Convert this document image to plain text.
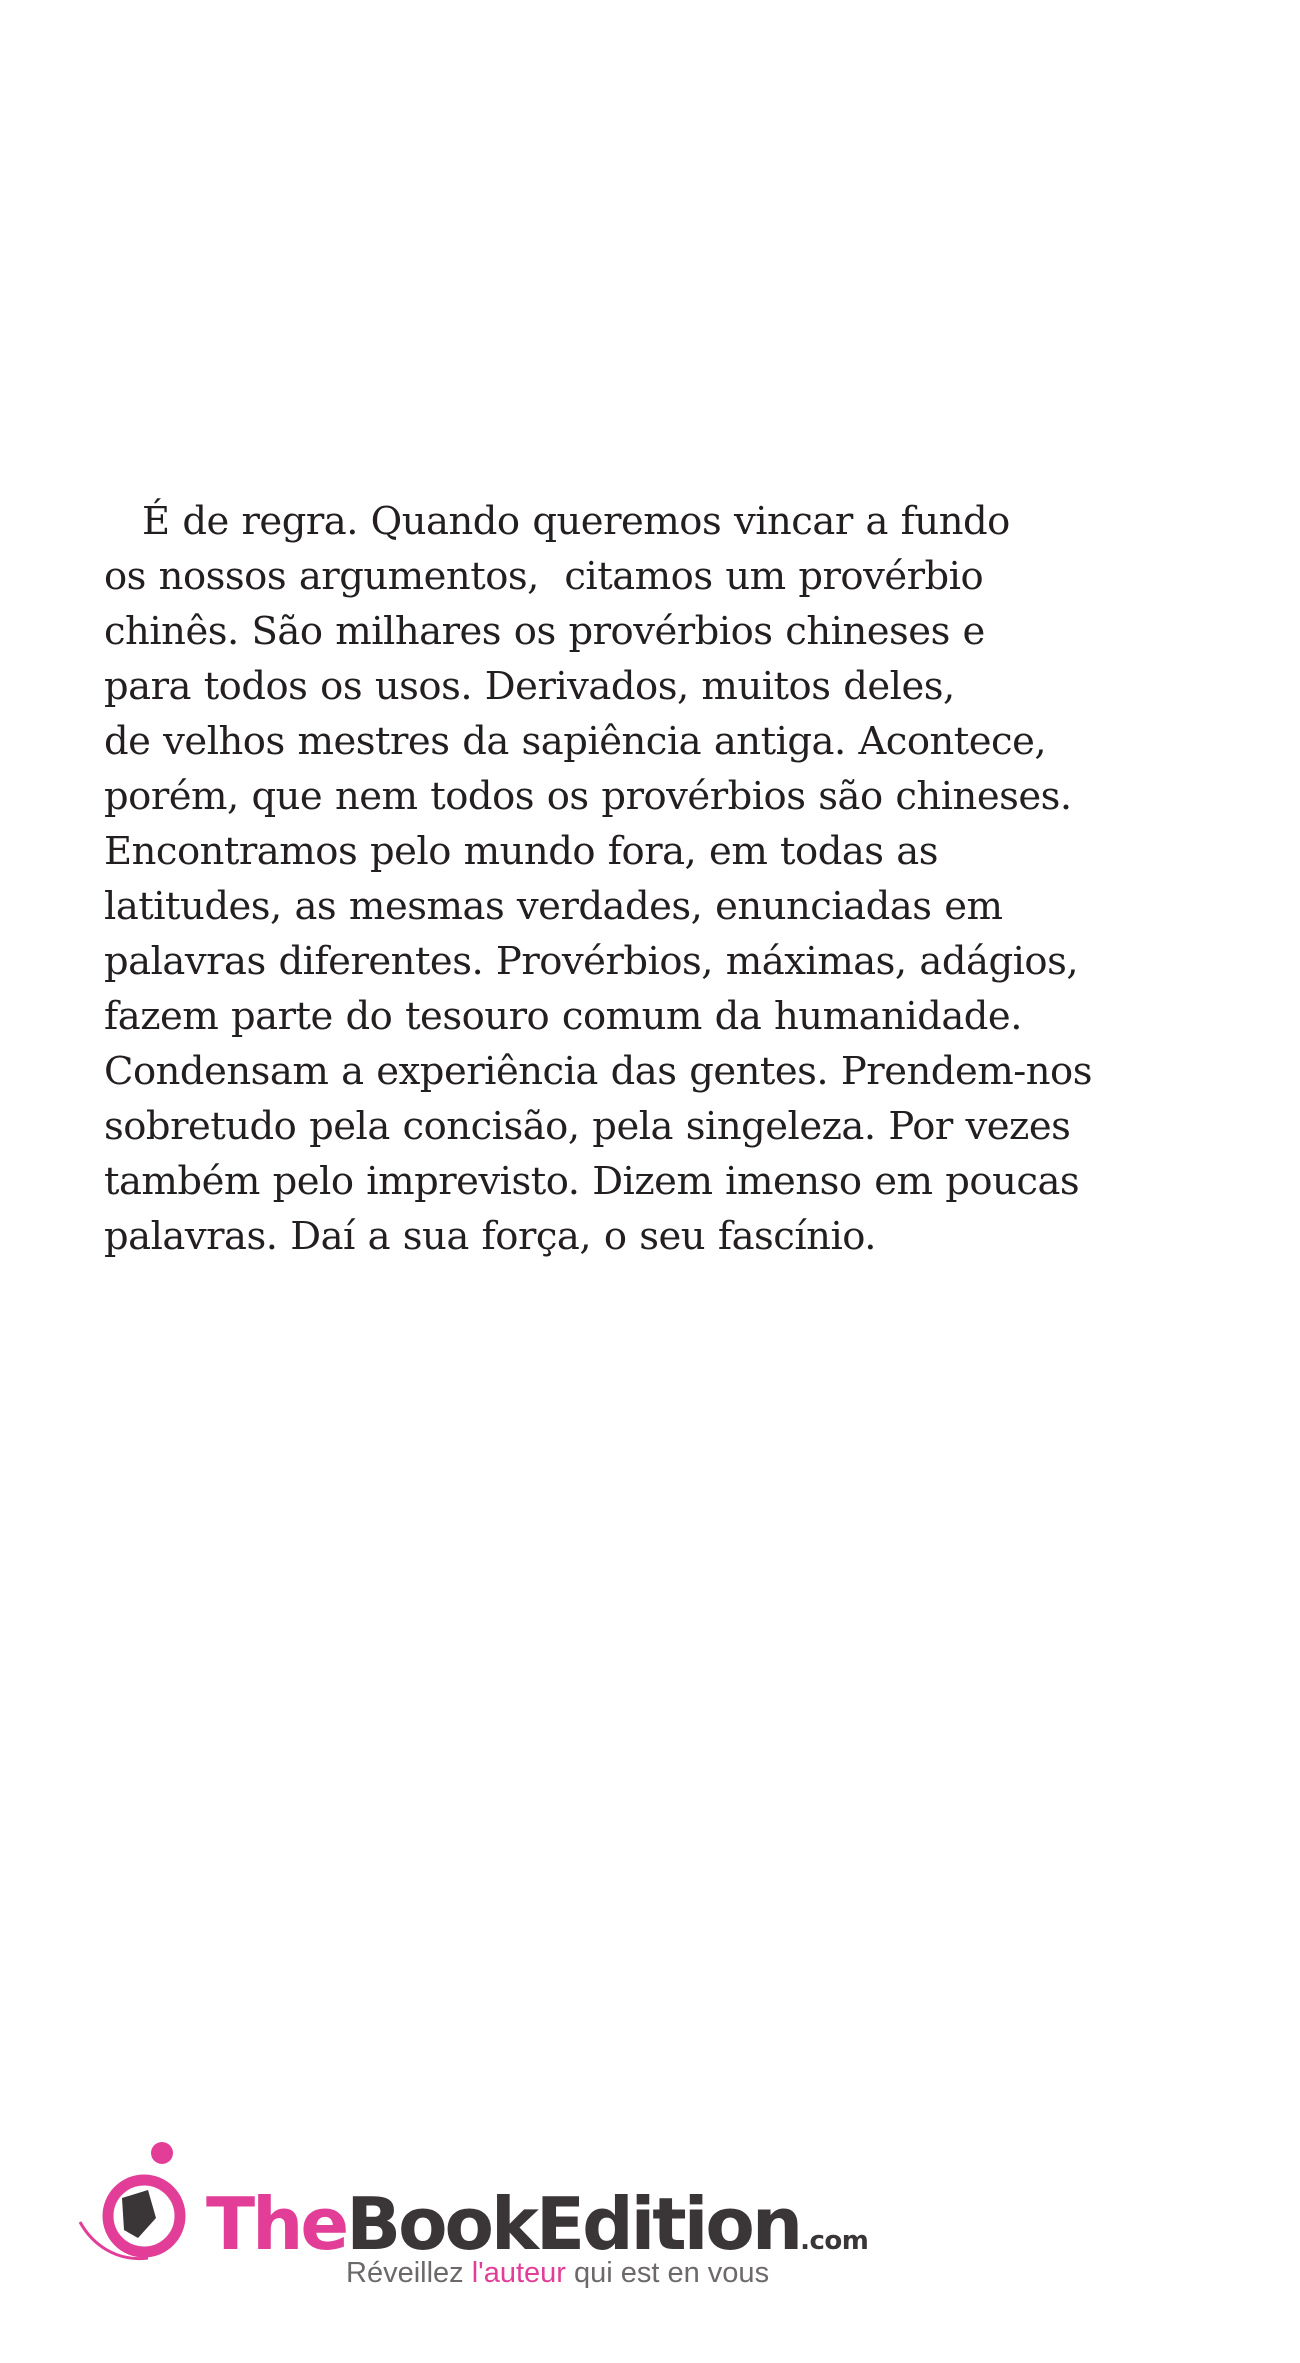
É de regra. Quando queremos vincar a fundo
os nossos argumentos,  citamos um provérbio
chinês. São milhares os provérbios chineses e
para todos os usos. Derivados, muitos deles,
de velhos mestres da sapiência antiga. Acontece,
porém, que nem todos os provérbios são chineses.
Encontramos pelo mundo fora, em todas as
latitudes, as mesmas verdades, enunciadas em
palavras diferentes. Provérbios, máximas, adágios,
fazem parte do tesouro comum da humanidade.
Condensam a experiência das gentes. Prendem-nos
sobretudo pela concisão, pela singeleza. Por vezes
também pelo imprevisto. Dizem imenso em poucas
palavras. Daí a sua força, o seu fascínio.
TheBookEdition.com
Réveillez l'auteur qui est en vous
